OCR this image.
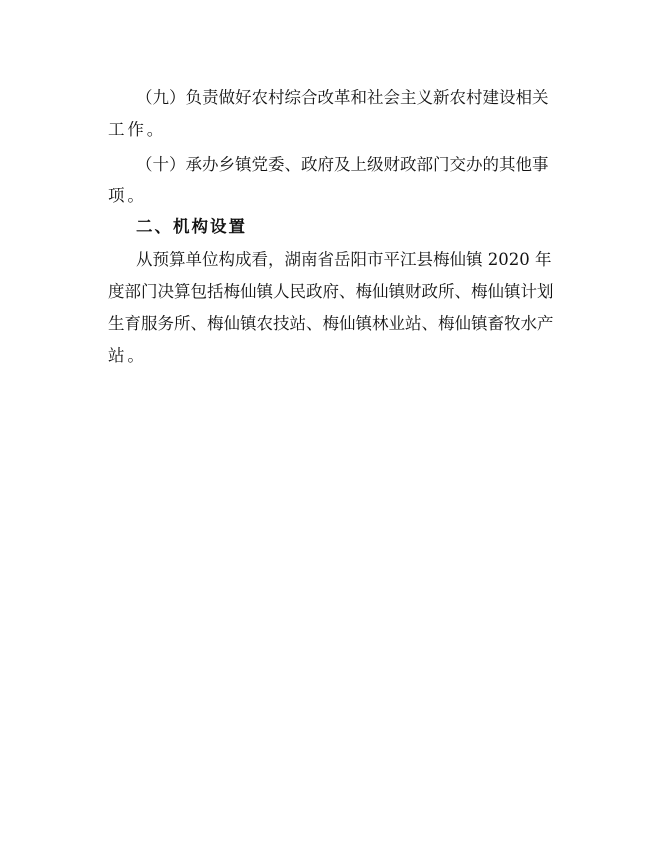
（九）负责做好农村综合改革和社会主义新农村建设相关
工作。
（十）承办乡镇党委、政府及上级财政部门交办的其他事
项。
二、机构设置
从预算单位构成看，湖南省岳阳市平江县梅仙镇 2020 年
度部门决算包括梅仙镇人民政府、梅仙镇财政所、梅仙镇计划
生育服务所、梅仙镇农技站、梅仙镇林业站、梅仙镇畜牧水产
站。
